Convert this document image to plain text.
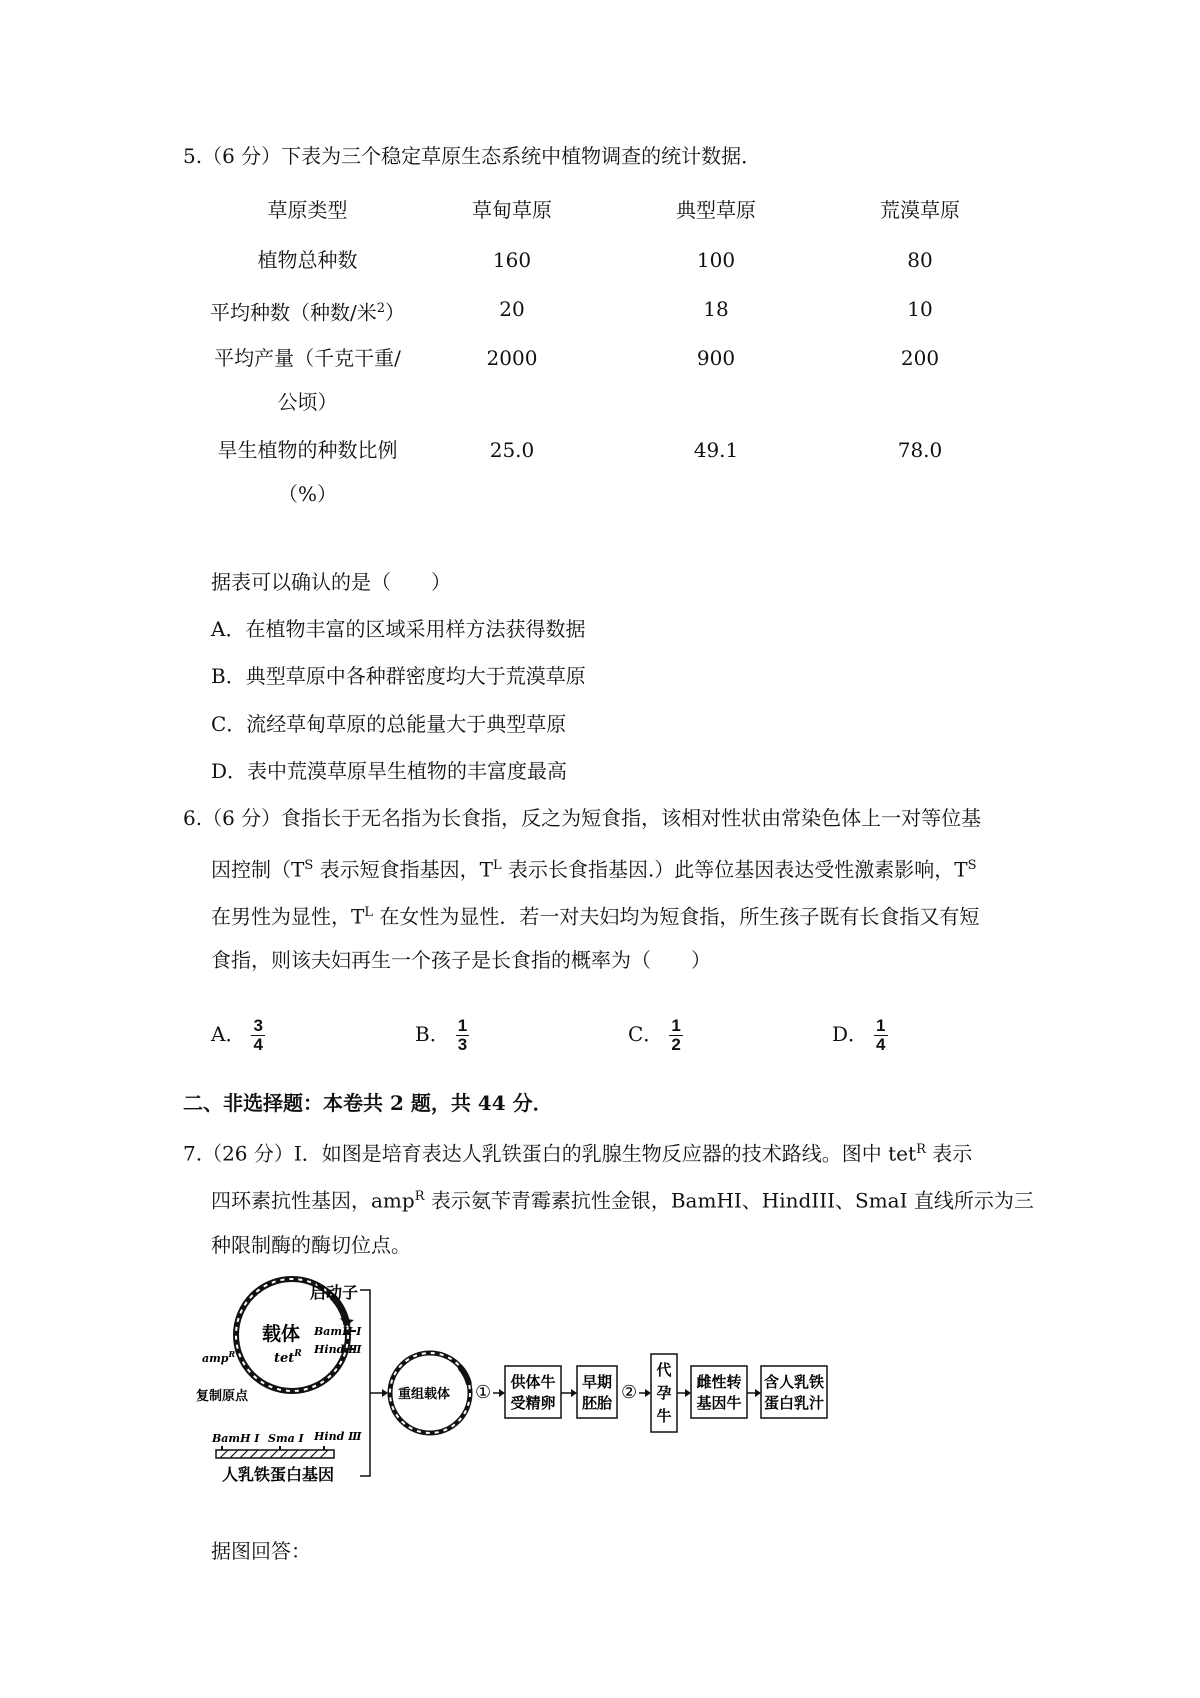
5.（6 分）下表为三个稳定草原生态系统中植物调查的统计数据．
草原类型	草甸草原	典型草原	荒漠草原
植物总种数	160	100	80
平均种数（种数/米$^2$）	20	18	10

平均产量（千克干重/
公顷）	2000	900	200

旱生植物的种数比例
（%）	25.0	49.1	78.0
据表可以确认的是（　　）
A．在植物丰富的区域采用样方法获得数据
B．典型草原中各种群密度均大于荒漠草原
C．流经草甸草原的总能量大于典型草原
D．表中荒漠草原旱生植物的丰富度最高
6.（6 分）食指长于无名指为长食指，反之为短食指，该相对性状由常染色体上一对等位基
因控制（$T^S$ 表示短食指基因，$T^L$ 表示长食指基因.）此等位基因表达受性激素影响，$T^S$
在男性为显性，$T^L$ 在女性为显性．若一对夫妇均为短食指，所生孩子既有长食指又有短
食指，则该夫妇再生一个孩子是长食指的概率为（　　）
A． $\frac{3}{4}$	B． $\frac{1}{3}$	C． $\frac{1}{2}$	D． $\frac{1}{4}$
二、非选择题：本卷共 2 题，共 44 分．
7.（26 分）Ⅰ．如图是培育表达人乳铁蛋白的乳腺生物反应器的技术路线。图中 tet$^R$ 表示
四环素抗性基因，amp$^R$ 表示氨苄青霉素抗性金银，BamHI、HindIII、SmaI 直线所示为三
种限制酶的酶切位点。
启动子
载体
tet$^R$
BamH Ⅰ
Hind Ⅲ
amp$^R$
复制原点
BamH Ⅰ Sma Ⅰ Hind Ⅲ
人乳铁蛋白基因
重组载体 ① 供体牛
受精卵
早期
胚胎 ②
代
孕
牛
雌性转
基因牛
含人乳铁
蛋白乳汁
据图回答：
